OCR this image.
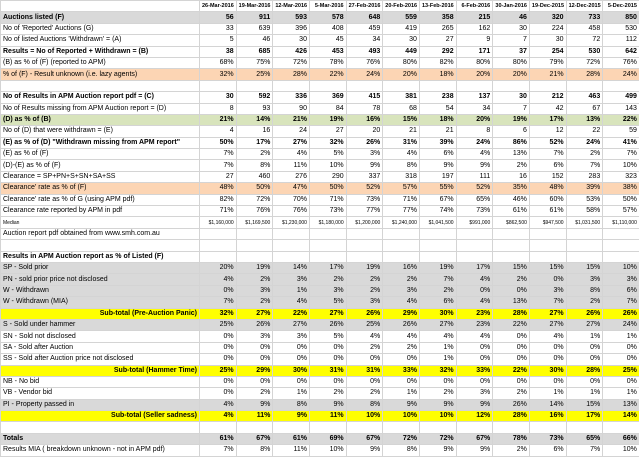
	26-Mar-2016	19-Mar-2016	12-Mar-2016	5-Mar-2016	27-Feb-2016	20-Feb-2016	13-Feb-2016	6-Feb-2016	30-Jan-2016	19-Dec-2015	12-Dec-2015	5-Dec-2015
Auctions listed (F)	56	911	593	578	648	559	358	215	46	320	733	850
No of 'Reported' Auctions (G)	33	639	396	408	459	419	265	162	30	224	458	530
No of listed Auctions 'Withdrawn' = (A)	5	46	30	45	34	30	27	9	7	30	72	112
Results = No of Reported + Withdrawn = (B)	38	685	426	453	493	449	292	171	37	254	530	642
(B) as % of (F) (reported to APM)	68%	75%	72%	78%	76%	80%	82%	80%	80%	79%	72%	76%
% of (F) - Result unknown (i.e. lazy agents)	32%	25%	28%	22%	24%	20%	18%	20%	20%	21%	28%	24%

No of Results in APM Auction report pdf = (C)	30	592	336	369	415	381	238	137	30	212	463	499
No of Results missing from APM Auction report = (D)	8	93	90	84	78	68	54	34	7	42	67	143
(D) as % of (B)	21%	14%	21%	19%	16%	15%	18%	20%	19%	17%	13%	22%
No of (D) that were withdrawn = (E)	4	16	24	27	20	21	21	8	6	12	22	59
(E) as % of (D) "Withdrawn missing from APM report"	50%	17%	27%	32%	26%	31%	39%	24%	86%	52%	24%	41%
(E) as % of (F)	7%	2%	4%	5%	3%	4%	6%	4%	13%	7%	2%	7%
(D)-(E) as % of (F)	7%	8%	11%	10%	9%	8%	9%	9%	2%	6%	7%	10%
Clearance = SP+PN+S+SN+SA+SS	27	460	276	290	337	318	197	111	16	152	283	323
Clearance' rate as % of (F)	48%	50%	47%	50%	52%	57%	55%	52%	35%	48%	39%	38%
Clearance' rate as % of G (using APM pdf)	82%	72%	70%	71%	73%	71%	67%	65%	46%	60%	53%	50%
Clearance rate reported by APM in pdf	71%	76%	76%	73%	77%	77%	74%	73%	61%	61%	58%	57%
Median	$1,160,000	$1,169,500	$1,230,000	$1,180,000	$1,200,000	$1,240,000	$1,041,500	$991,000	$862,500	$947,500	$1,031,500	$1,110,000
Auction report pdf obtained from www.smh.com.au												

Results in APM Auction report as % of Listed (F)												
SP - Sold prior	20%	19%	14%	17%	19%	16%	19%	17%	15%	15%	15%	10%
PN - sold prior price not disclosed	4%	2%	3%	2%	2%	2%	7%	4%	2%	0%	3%	3%
W - Withdrawn	0%	3%	1%	3%	2%	3%	2%	0%	0%	3%	8%	6%
W - Withdrawn (MIA)	7%	2%	4%	5%	3%	4%	6%	4%	13%	7%	2%	7%
Sub-total (Pre-Auction Panic)	32%	27%	22%	27%	26%	29%	30%	23%	28%	27%	26%	26%
S - Sold under hammer	25%	26%	27%	26%	25%	26%	27%	23%	22%	27%	27%	24%
SN - Sold not disclosed	0%	3%	3%	5%	4%	4%	4%	4%	0%	4%	1%	1%
SA - Sold after Auction	0%	0%	0%	0%	2%	2%	1%	0%	0%	0%	0%	0%
SS - Sold after Auction price not disclosed	0%	0%	0%	0%	0%	0%	1%	0%	0%	0%	0%	0%
Sub-total (Hammer Time)	25%	29%	30%	31%	31%	33%	32%	33%	22%	30%	28%	25%
NB - No bid	0%	0%	0%	0%	0%	0%	0%	0%	0%	0%	0%	0%
VB - Vendor bid	0%	2%	1%	2%	2%	1%	2%	3%	2%	1%	1%	1%
PI - Property passed in	4%	9%	8%	9%	8%	9%	9%	9%	26%	14%	15%	13%
Sub-total (Seller sadness)	4%	11%	9%	11%	10%	10%	10%	12%	28%	16%	17%	14%

Totals	61%	67%	61%	69%	67%	72%	72%	67%	78%	73%	65%	66%
Results MIA ( breakdown unknown - not in APM pdf)	7%	8%	11%	10%	9%	8%	9%	9%	2%	6%	7%	10%
